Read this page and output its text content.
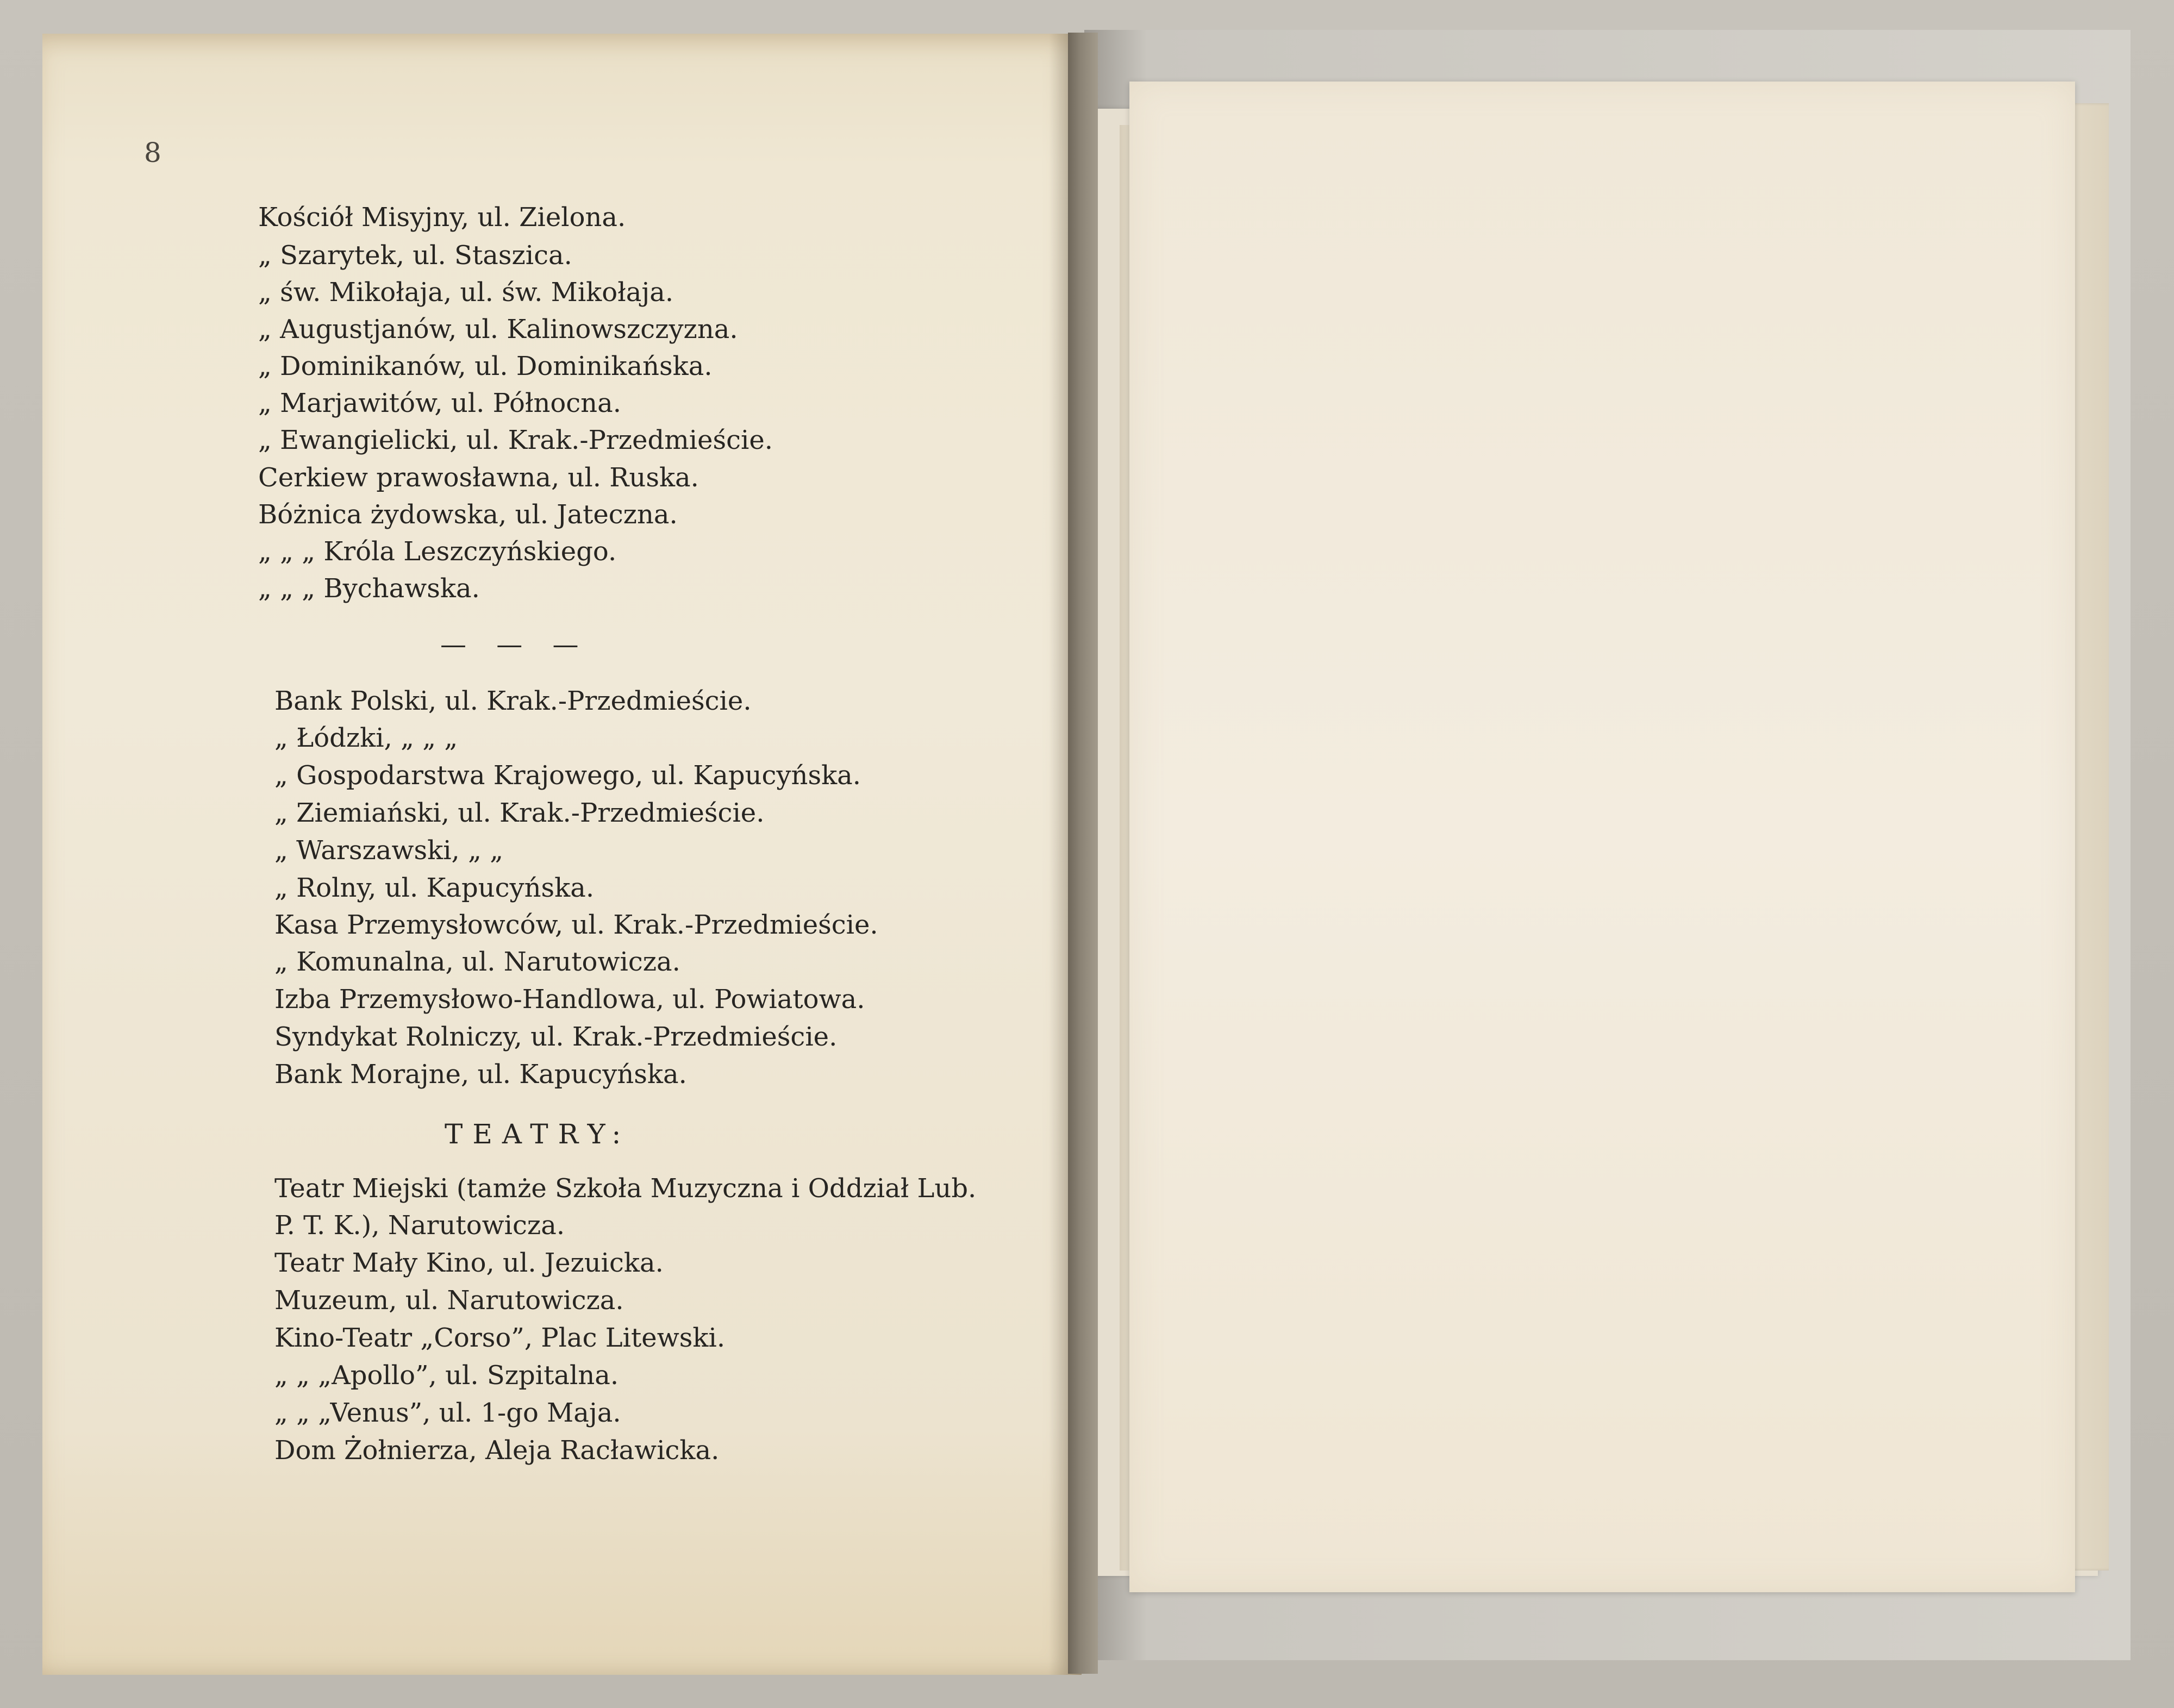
8
Kościół Misyjny, ul. Zielona.
„ Szarytek, ul. Staszica.
„ św. Mikołaja, ul. św. Mikołaja.
„ Augustjanów, ul. Kalinowszczyzna.
„ Dominikanów, ul. Dominikańska.
„ Marjawitów, ul. Północna.
„ Ewangielicki, ul. Krak.-Przedmieście.
Cerkiew prawosławna, ul. Ruska.
Bóżnica żydowska, ul. Jateczna.
„ „ „ Króla Leszczyńskiego.
„ „ „ Bychawska.
Bank Polski, ul. Krak.-Przedmieście.
„ Łódzki, „ „ „
„ Gospodarstwa Krajowego, ul. Kapucyńska.
„ Ziemiański, ul. Krak.-Przedmieście.
„ Warszawski, „ „
„ Rolny, ul. Kapucyńska.
Kasa Przemysłowców, ul. Krak.-Przedmieście.
„ Komunalna, ul. Narutowicza.
Izba Przemysłowo-Handlowa, ul. Powiatowa.
Syndykat Rolniczy, ul. Krak.-Przedmieście.
Bank Morajne, ul. Kapucyńska.
Teatr Miejski (tamże Szkoła Muzyczna i Oddział Lub.
P. T. K.), Narutowicza.
Teatr Mały Kino, ul. Jezuicka.
Muzeum, ul. Narutowicza.
Kino-Teatr „Corso”, Plac Litewski.
„ „ „Apollo”, ul. Szpitalna.
„ „ „Venus”, ul. 1-go Maja.
Dom Żołnierza, Aleja Racławicka.
— — —
TEATRY:
